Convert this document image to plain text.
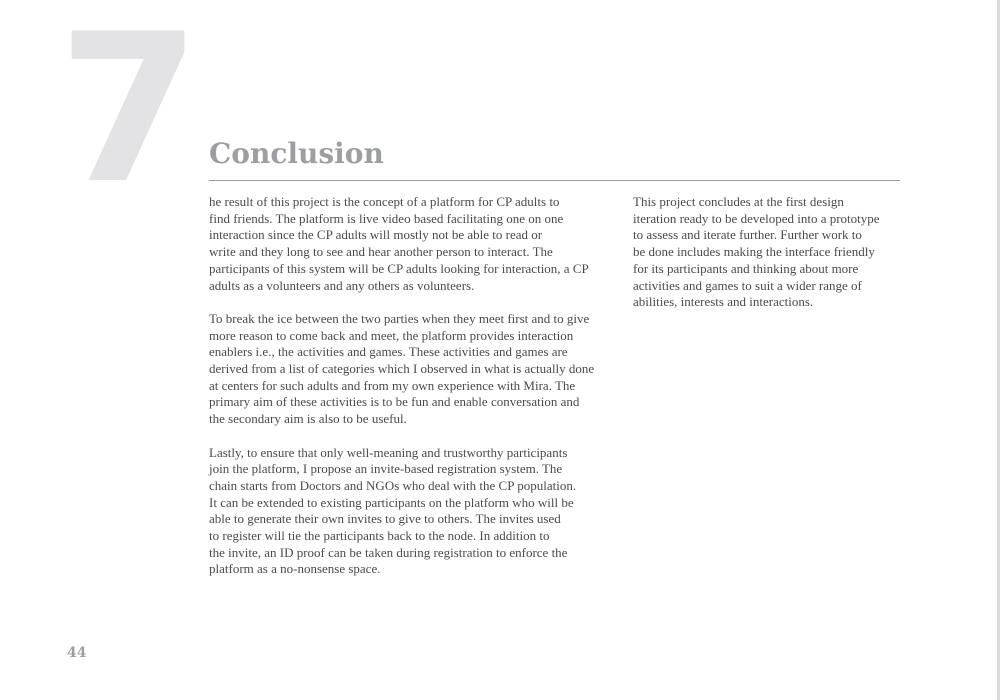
7 Conclusion

he result of this project is the concept of a platform for CP adults to
find friends. The platform is live video based facilitating one on one
interaction since the CP adults will mostly not be able to read or
write and they long to see and hear another person to interact. The
participants of this system will be CP adults looking for interaction, a CP
adults as a volunteers and any others as volunteers.

To break the ice between the two parties when they meet first and to give
more reason to come back and meet, the platform provides interaction
enablers i.e., the activities and games. These activities and games are
derived from a list of categories which I observed in what is actually done
at centers for such adults and from my own experience with Mira. The
primary aim of these activities is to be fun and enable conversation and
the secondary aim is also to be useful.

Lastly, to ensure that only well-meaning and trustworthy participants
join the platform, I propose an invite-based registration system. The
chain starts from Doctors and NGOs who deal with the CP population.
It can be extended to existing participants on the platform who will be
able to generate their own invites to give to others. The invites used
to register will tie the participants back to the node. In addition to
the invite, an ID proof can be taken during registration to enforce the
platform as a no-nonsense space.

This project concludes at the first design
iteration ready to be developed into a prototype
to assess and iterate further. Further work to
be done includes making the interface friendly
for its participants and thinking about more
activities and games to suit a wider range of
abilities, interests and interactions.

44
